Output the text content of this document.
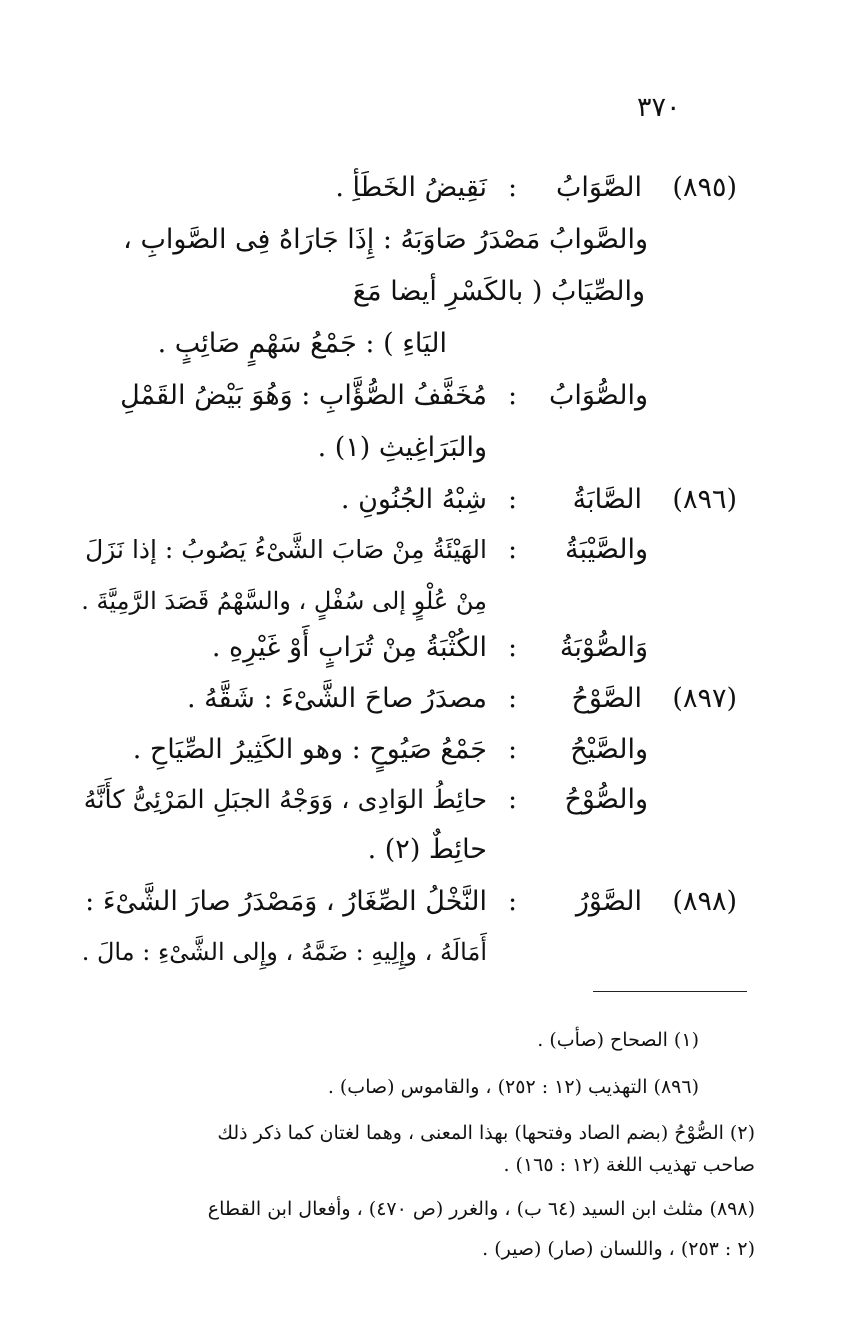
٣٧٠
(٨٩٥)
الصَّوَابُ
:
نَقِيضُ الخَطَأِ .
والصَّوابُ مَصْدَرُ صَاوَبَهُ : إِذَا جَارَاهُ فِى الصَّوابِ ،
والصِّيَابُ ( بالكَسْرِ أيضا مَعَ
اليَاءِ ) : جَمْعُ سَهْمٍ صَائِبٍ .
والصُّوَابُ
:
مُخَفَّفُ الصُّؤَّابِ : وَهُوَ بَيْضُ القَمْلِ
والبَرَاغِيثِ (١) .
(٨٩٦)
الصَّابَةُ
:
شِبْهُ الجُنُونِ .
والصَّيْبَةُ
:
الهَيْئَةُ مِنْ صَابَ الشَّىْءُ يَصُوبُ : إذا نَزَلَ
مِنْ عُلْوٍ إلى سُفْلٍ ، والسَّهْمُ قَصَدَ الرَّمِيَّةَ .
وَالصُّوْبَةُ
:
الكُثْبَةُ مِنْ تُرَابٍ أَوْ غَيْرِهِ .
(٨٩٧)
الصَّوْحُ
:
مصدَرُ صاحَ الشَّىْءَ : شَقَّهُ .
والصَّيْحُ
:
جَمْعُ صَيُوحٍ : وهو الكَثِيرُ الصِّيَاحِ .
والصُّوْحُ
:
حائِطُ الوَادِى ، وَوَجْهُ الجبَلِ المَرْئِىُّ كأَنَّهُ
حائِطٌ (٢) .
(٨٩٨)
الصَّوْرُ
:
النَّخْلُ الصِّغَارُ ، وَمَصْدَرُ صارَ الشَّىْءَ :
أَمَالَهُ ، وإِلِيهِ : ضَمَّهُ ، وإِلى الشَّىْءِ : مالَ .
(١) الصحاح (صأب) .
(٨٩٦) التهذيب (١٢ : ٢٥٢) ، والقاموس (صاب) .
(٢) الصُّوْحُ (بضم الصاد وفتحها) بهذا المعنى ، وهما لغتان كما ذكر ذلك
صاحب تهذيب اللغة (١٢ : ١٦٥) .
(٨٩٨) مثلث ابن السيد (٦٤ ب) ، والغرر (ص ٤٧٠) ، وأفعال ابن القطاع
(٢ : ٢٥٣) ، واللسان (صار) (صير) .
